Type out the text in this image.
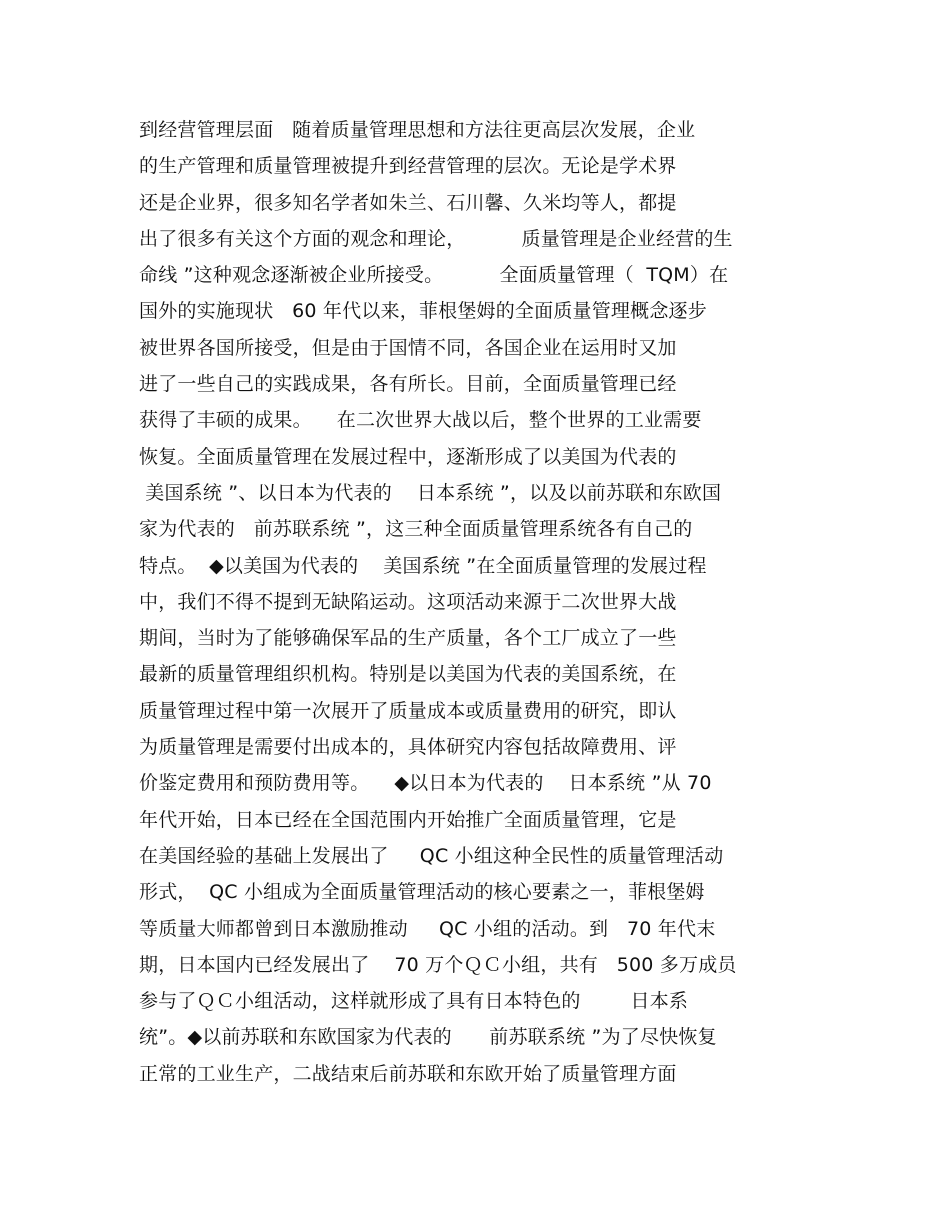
到经营管理层面   随着质量管理思想和方法往更高层次发展，企业
的生产管理和质量管理被提升到经营管理的层次。无论是学术界
还是企业界，很多知名学者如朱兰、石川馨、久米均等人，都提
出了很多有关这个方面的观念和理论，         质量管理是企业经营的生
命线 ”这种观念逐渐被企业所接受。         全面质量管理（  TQM）在
国外的实施现状   60 年代以来，菲根堡姆的全面质量管理概念逐步
被世界各国所接受，但是由于国情不同，各国企业在运用时又加
进了一些自己的实践成果，各有所长。目前，全面质量管理已经
获得了丰硕的成果。    在二次世界大战以后，整个世界的工业需要
恢复。全面质量管理在发展过程中，逐渐形成了以美国为代表的
美国系统 ”、以日本为代表的    日本系统 ”，以及以前苏联和东欧国
家为代表的   前苏联系统 ”，这三种全面质量管理系统各有自己的
特点。  ◆以美国为代表的    美国系统 ”在全面质量管理的发展过程
中，我们不得不提到无缺陷运动。这项活动来源于二次世界大战
期间，当时为了能够确保军品的生产质量，各个工厂成立了一些
最新的质量管理组织机构。特别是以美国为代表的美国系统，在
质量管理过程中第一次展开了质量成本或质量费用的研究，即认
为质量管理是需要付出成本的，具体研究内容包括故障费用、评
价鉴定费用和预防费用等。    ◆以日本为代表的    日本系统 ”从 70
年代开始，日本已经在全国范围内开始推广全面质量管理，它是
在美国经验的基础上发展出了     QC 小组这种全民性的质量管理活动
形式，  QC 小组成为全面质量管理活动的核心要素之一，菲根堡姆
等质量大师都曾到日本激励推动     QC 小组的活动。到   70 年代末
期，日本国内已经发展出了    70 万个ＱＣ小组，共有   500 多万成员
参与了ＱＣ小组活动，这样就形成了具有日本特色的        日本系
统”。◆以前苏联和东欧国家为代表的      前苏联系统 ”为了尽快恢复
正常的工业生产，二战结束后前苏联和东欧开始了质量管理方面
